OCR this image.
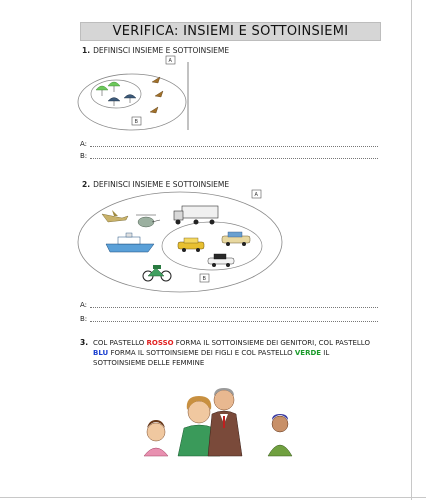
VERIFICA: INSIEMI E SOTTOINSIEMI
1. DEFINISCI INSIEME E SOTTOINSIEME
A
B
A:
B:
2. DEFINISCI INSIEME E SOTTOINSIEME
A
B
A:
B:
3. COL PASTELLO ROSSO FORMA IL SOTTOINSIEME DEI GENITORI, COL PASTELLO BLU FORMA IL SOTTOINSIEME DEI FIGLI E COL PASTELLO VERDE IL SOTTOINSIEME DELLE FEMMINE
